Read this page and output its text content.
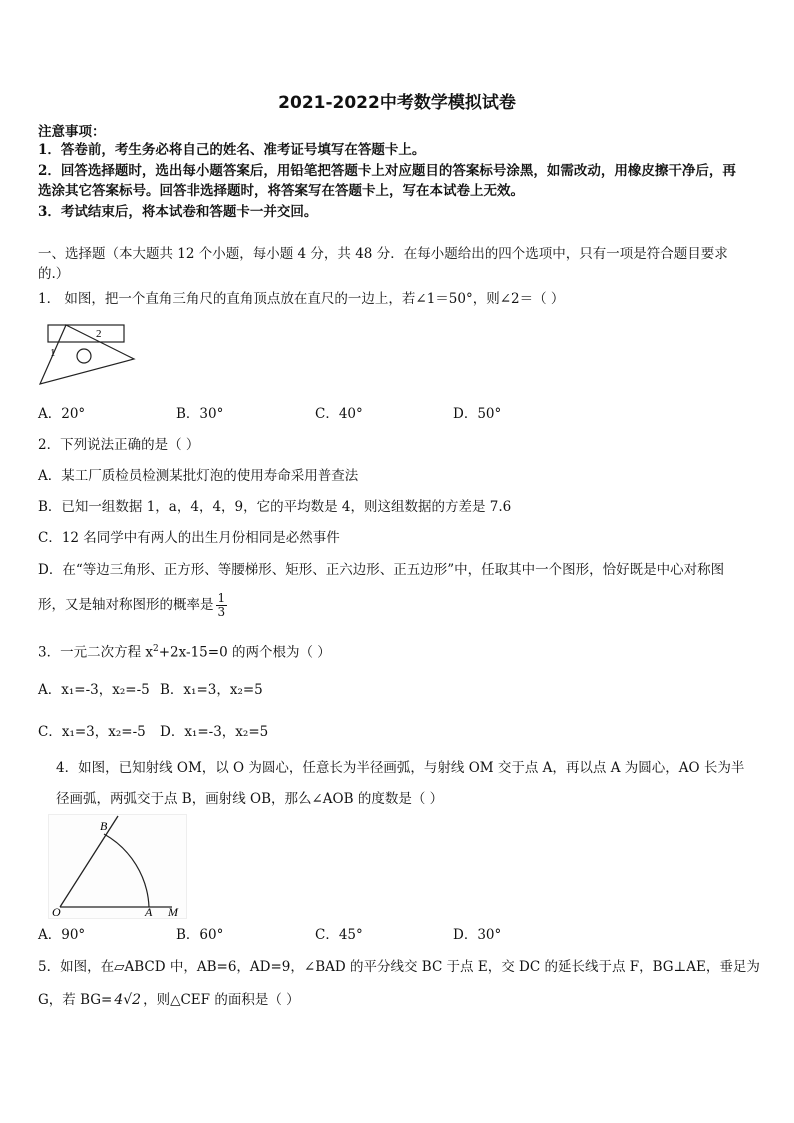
2021-2022中考数学模拟试卷
注意事项：
1．答卷前，考生务必将自己的姓名、准考证号填写在答题卡上。
2．回答选择题时，选出每小题答案后，用铅笔把答题卡上对应题目的答案标号涂黑，如需改动，用橡皮擦干净后，再
选涂其它答案标号。回答非选择题时，将答案写在答题卡上，写在本试卷上无效。
3．考试结束后，将本试卷和答题卡一并交回。
一、选择题（本大题共 12 个小题，每小题 4 分，共 48 分．在每小题给出的四个选项中，只有一项是符合题目要求
的.）
1． 如图，把一个直角三角尺的直角顶点放在直尺的一边上，若∠1＝50°，则∠2＝（ ）
1
2
A．20°	B．30°	C．40°	D．50°
2．下列说法正确的是（ ）
A．某工厂质检员检测某批灯泡的使用寿命采用普查法
B．已知一组数据 1，a，4，4，9，它的平均数是 4，则这组数据的方差是 7.6
C．12 名同学中有两人的出生月份相同是必然事件
D．在“等边三角形、正方形、等腰梯形、矩形、正六边形、正五边形”中，任取其中一个图形，恰好既是中心对称图
形，又是轴对称图形的概率是 $\frac{1}{3}$
3．一元二次方程 $x^2+2x-15=0$ 的两个根为（ ）
A．x₁=-3，x₂=-5 B．x₁=3，x₂=5
C．x₁=3，x₂=-5 D．x₁=-3，x₂=5
4．如图，已知射线 OM，以 O 为圆心，任意长为半径画弧，与射线 OM 交于点 A，再以点 A 为圆心，AO 长为半
径画弧，两弧交于点 B，画射线 OB，那么∠AOB 的度数是（ ）
B
O	A M
A．90°	B．60°	C．45°	D．30°
5．如图，在▱ABCD 中，AB=6，AD=9，∠BAD 的平分线交 BC 于点 E，交 DC 的延长线于点 F，BG⊥AE，垂足为
G，若 BG= 4√2 ，则△CEF 的面积是（ ）
